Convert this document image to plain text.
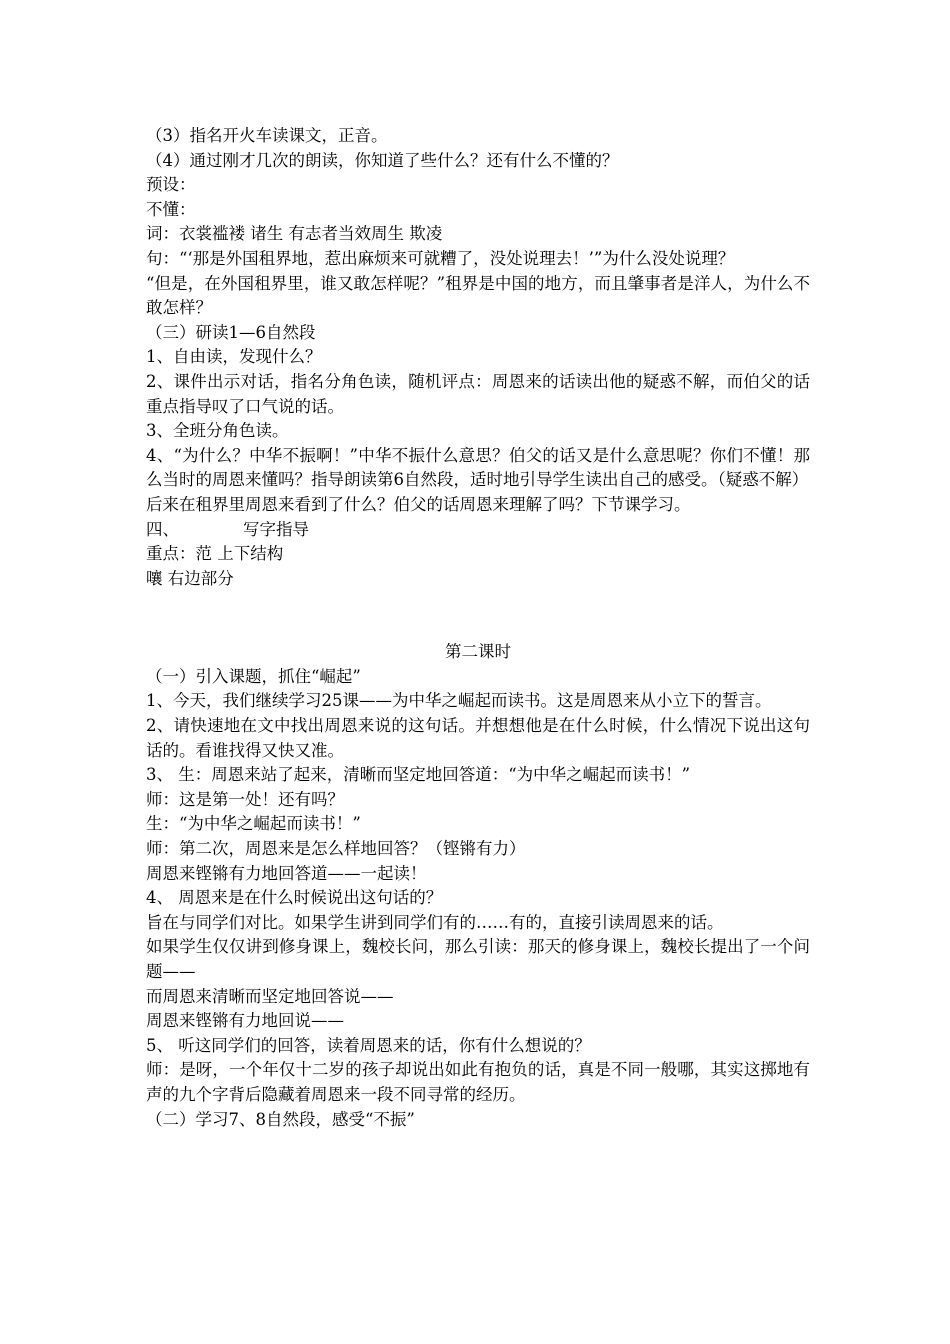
（3）指名开火车读课文，正音。

（4）通过刚才几次的朗读，你知道了些什么？还有什么不懂的？

预设：

不懂：

词：衣裳褴褛 诸生 有志者当效周生 欺凌

句：“‘那是外国租界地，惹出麻烦来可就糟了，没处说理去！’”为什么没处说理？

“但是，在外国租界里，谁又敢怎样呢？”租界是中国的地方，而且肇事者是洋人，为什么不敢怎样？

（三）研读1—6自然段

1、自由读，发现什么？

2、课件出示对话，指名分角色读，随机评点：周恩来的话读出他的疑惑不解，而伯父的话重点指导叹了口气说的话。

3、全班分角色读。

4、“为什么？中华不振啊！”中华不振什么意思？伯父的话又是什么意思呢？你们不懂！那么当时的周恩来懂吗？指导朗读第6自然段，适时地引导学生读出自己的感受。（疑惑不解）

后来在租界里周恩来看到了什么？伯父的话周恩来理解了吗？下节课学习。

四、	写字指导

重点：范 上下结构

嚷 右边部分

第二课时

（一）引入课题，抓住“崛起”

1、今天，我们继续学习25课——为中华之崛起而读书。这是周恩来从小立下的誓言。

2、请快速地在文中找出周恩来说的这句话。并想想他是在什么时候，什么情况下说出这句话的。看谁找得又快又准。

3、 生：周恩来站了起来，清晰而坚定地回答道：“为中华之崛起而读书！”

师：这是第一处！还有吗？

生：“为中华之崛起而读书！”

师：第二次，周恩来是怎么样地回答？（铿锵有力）

周恩来铿锵有力地回答道——一起读！

4、 周恩来是在什么时候说出这句话的？

旨在与同学们对比。如果学生讲到同学们有的……有的，直接引读周恩来的话。

如果学生仅仅讲到修身课上，魏校长问，那么引读：那天的修身课上，魏校长提出了一个问题——

而周恩来清晰而坚定地回答说——

周恩来铿锵有力地回说——

5、 听这同学们的回答，读着周恩来的话，你有什么想说的？

师：是呀，一个年仅十二岁的孩子却说出如此有抱负的话，真是不同一般哪，其实这掷地有声的九个字背后隐藏着周恩来一段不同寻常的经历。

（二）学习7、8自然段，感受“不振”
